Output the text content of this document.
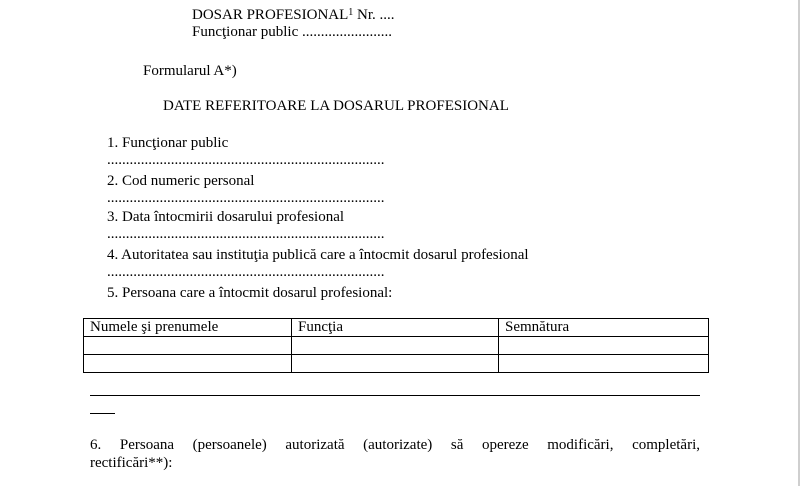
DOSAR PROFESIONAL$^1$ Nr. ....
Funcţionar public ........................
Formularul A*)
DATE REFERITOARE LA DOSARUL PROFESIONAL
1. Funcţionar public
..........................................................................
2. Cod numeric personal
..........................................................................
3. Data întocmirii dosarului profesional
..........................................................................
4. Autoritatea sau instituţia publică care a întocmit dosarul profesional
..........................................................................
5. Persoana care a întocmit dosarul profesional:
Numele şi prenumele	Funcţia	Semnătura

6. Persoana (persoanele) autorizată (autorizate) să opereze modificări, completări,
rectificări**):
